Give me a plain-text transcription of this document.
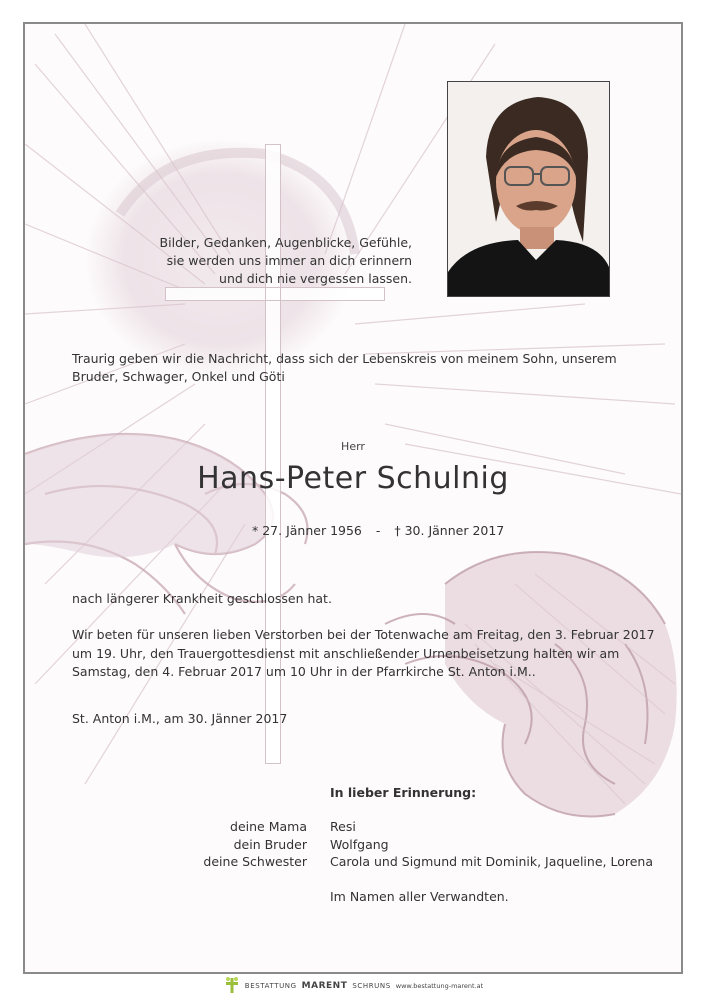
Bilder, Gedanken, Augenblicke, Gefühle,
sie werden uns immer an dich erinnern
und dich nie vergessen lassen.
Traurig geben wir die Nachricht, dass sich der Lebenskreis von meinem Sohn, unserem Bruder, Schwager, Onkel und Göti
Herr
Hans-Peter Schulnig
* 27. Jänner 1956 - † 30. Jänner 2017
nach längerer Krankheit geschlossen hat.
Wir beten für unseren lieben Verstorben bei der Totenwache am Freitag, den 3. Februar 2017 um 19. Uhr, den Trauergottesdienst mit anschließender Urnenbeisetzung halten wir am Samstag, den 4. Februar 2017 um 10 Uhr in der Pfarrkirche St. Anton i.M..
St. Anton i.M., am 30. Jänner 2017
In lieber Erinnerung:
deine Mama Resi
dein Bruder Wolfgang
deine Schwester Carola und Sigmund mit Dominik, Jaqueline, Lorena
Im Namen aller Verwandten.
BESTATTUNG MARENT SCHRUNS www.bestattung-marent.at
